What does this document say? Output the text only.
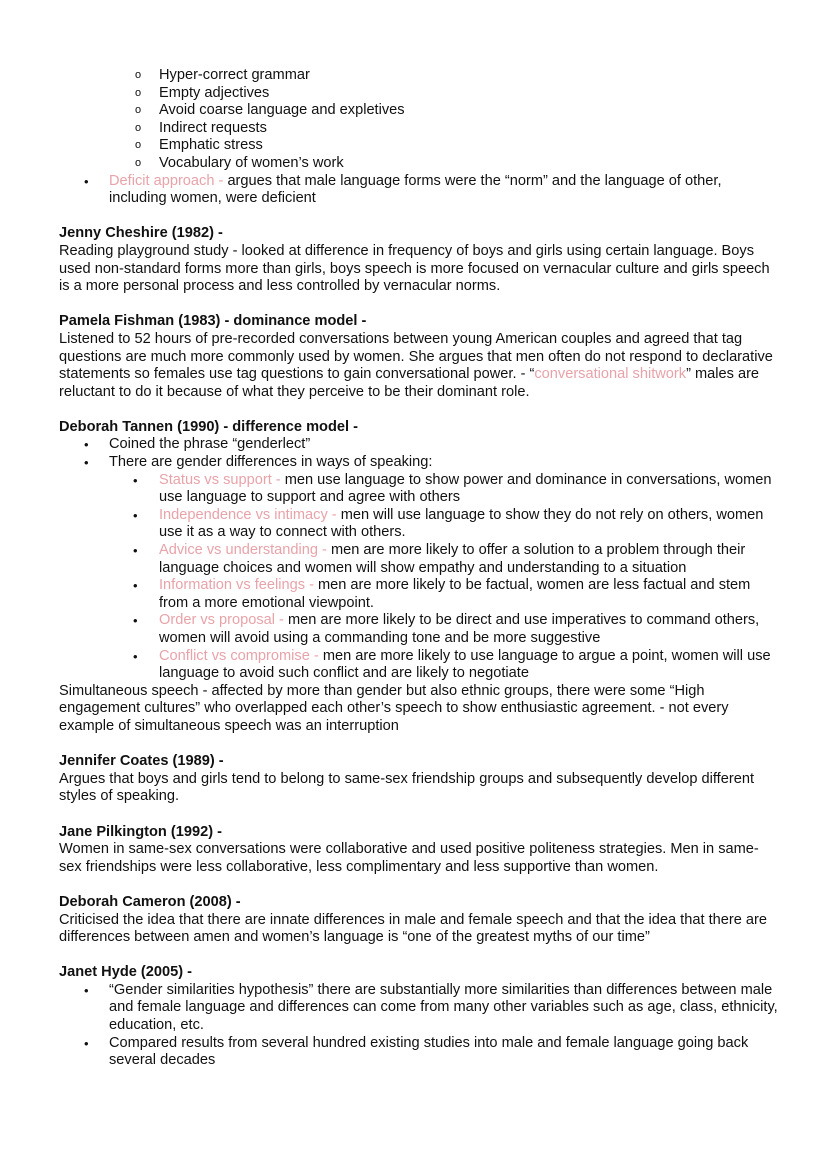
o Hyper-correct grammar
o Empty adjectives
o Avoid coarse language and expletives
o Indirect requests
o Emphatic stress
o Vocabulary of women’s work
• Deficit approach - argues that male language forms were the “norm” and the language of other, including women, were deficient

Jenny Cheshire (1982) -

Reading playground study - looked at difference in frequency of boys and girls using certain language. Boys used non-standard forms more than girls, boys speech is more focused on vernacular culture and girls speech is a more personal process and less controlled by vernacular norms.

Pamela Fishman (1983) - dominance model -

Listened to 52 hours of pre-recorded conversations between young American couples and agreed that tag questions are much more commonly used by women. She argues that men often do not respond to declarative statements so females use tag questions to gain conversational power. - “conversational shitwork” males are reluctant to do it because of what they perceive to be their dominant role.

Deborah Tannen (1990) - difference model -

• Coined the phrase “genderlect”
• There are gender differences in ways of speaking:
• Status vs support - men use language to show power and dominance in conversations, women use language to support and agree with others
• Independence vs intimacy - men will use language to show they do not rely on others, women use it as a way to connect with others.
• Advice vs understanding - men are more likely to offer a solution to a problem through their language choices and women will show empathy and understanding to a situation
• Information vs feelings - men are more likely to be factual, women are less factual and stem from a more emotional viewpoint.
• Order vs proposal - men are more likely to be direct and use imperatives to command others, women will avoid using a commanding tone and be more suggestive
• Conflict vs compromise - men are more likely to use language to argue a point, women will use language to avoid such conflict and are likely to negotiate

Simultaneous speech - affected by more than gender but also ethnic groups, there were some “High engagement cultures” who overlapped each other’s speech to show enthusiastic agreement. - not every example of simultaneous speech was an interruption

Jennifer Coates (1989) -

Argues that boys and girls tend to belong to same-sex friendship groups and subsequently develop different styles of speaking.

Jane Pilkington (1992) -

Women in same-sex conversations were collaborative and used positive politeness strategies. Men in same-sex friendships were less collaborative, less complimentary and less supportive than women.

Deborah Cameron (2008) -

Criticised the idea that there are innate differences in male and female speech and that the idea that there are differences between amen and women’s language is “one of the greatest myths of our time”

Janet Hyde (2005) -

• “Gender similarities hypothesis” there are substantially more similarities than differences between male and female language and differences can come from many other variables such as age, class, ethnicity, education, etc.
• Compared results from several hundred existing studies into male and female language going back several decades
